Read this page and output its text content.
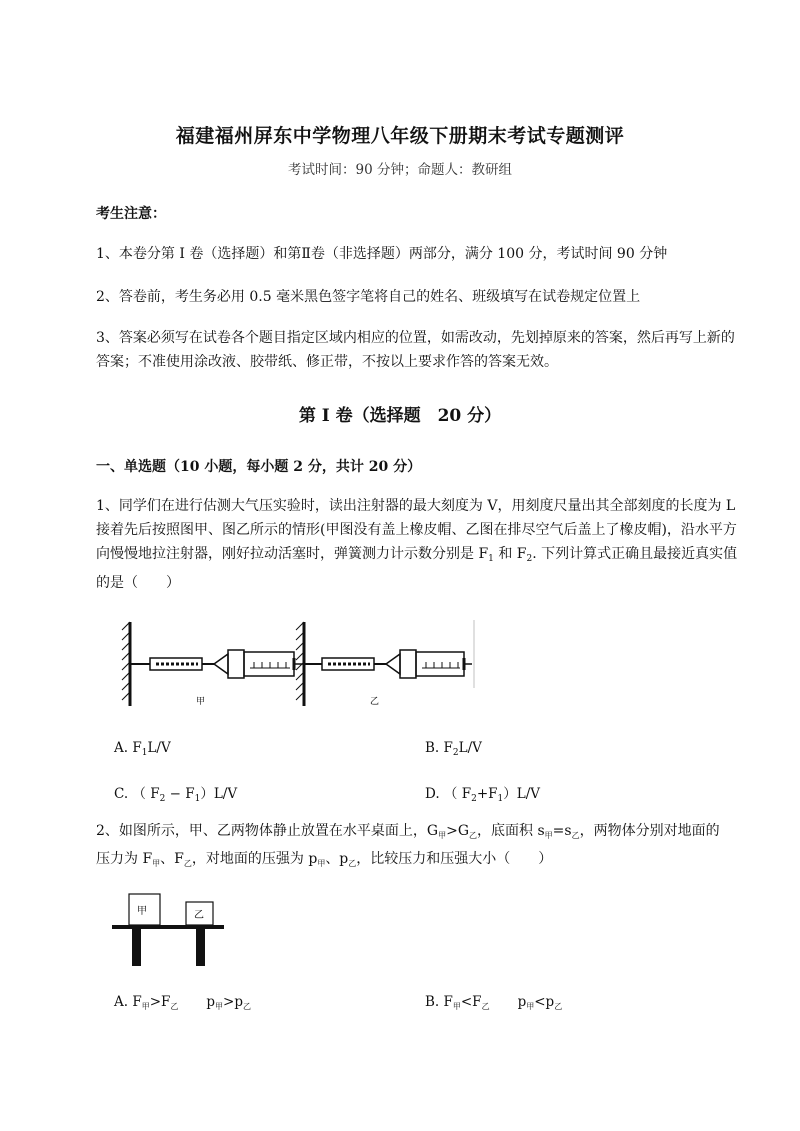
福建福州屏东中学物理八年级下册期末考试专题测评
考试时间：90 分钟；命题人：教研组
考生注意：
1、本卷分第 I 卷（选择题）和第Ⅱ卷（非选择题）两部分，满分 100 分，考试时间 90 分钟
2、答卷前，考生务必用 0.5 毫米黑色签字笔将自己的姓名、班级填写在试卷规定位置上
3、答案必须写在试卷各个题目指定区域内相应的位置，如需改动，先划掉原来的答案，然后再写上新的答案；不准使用涂改液、胶带纸、修正带，不按以上要求作答的答案无效。
第 I 卷（选择题　20 分）
一、单选题（10 小题，每小题 2 分，共计 20 分）
1、同学们在进行估测大气压实验时，读出注射器的最大刻度为 V，用刻度尺量出其全部刻度的长度为 L 接着先后按照图甲、图乙所示的情形(甲图没有盖上橡皮帽、乙图在排尽空气后盖上了橡皮帽)，沿水平方向慢慢地拉注射器，刚好拉动活塞时，弹簧测力计示数分别是 $F_1$ 和 $F_2$. 下列计算式正确且最接近真实值的是（　　）
甲	乙
A. $F_1L/V$	B. $F_2L/V$
C. （ $F_2 - F_1)L/V$	D. （ $F_2+F_1)L/V$
2、如图所示，甲、乙两物体静止放置在水平桌面上，$G_甲>G_乙$，底面积 $s_甲=s_乙$，两物体分别对地面的
压力为 $F_甲$、$F_乙$，对地面的压强为 $p_甲$、$p_乙$，比较压力和压强大小（　　）
甲	乙
A. $F_甲>F_乙$ $p_甲>p_乙$	B. $F_甲<F_乙$ $p_甲<p_乙$
